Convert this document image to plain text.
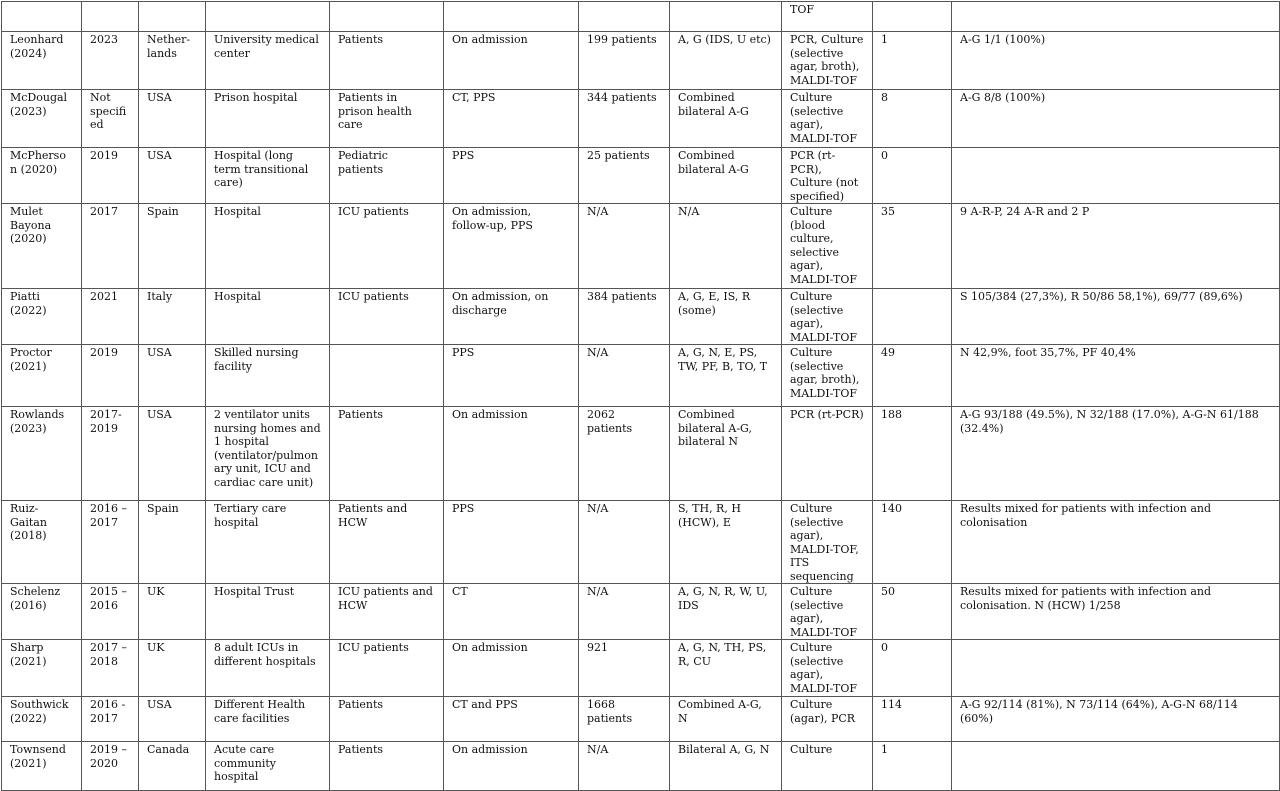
								TOF		
Leonhard (2024)	2023	Nether-lands	University medical center	Patients	On admission	199 patients	A, G (IDS, U etc)	PCR, Culture (selective agar, broth), MALDI-TOF	1	A-G 1/1 (100%)
McDougal (2023)	Not specified	USA	Prison hospital	Patients in prison health care	CT, PPS	344 patients	Combined bilateral A-G	Culture (selective agar), MALDI-TOF	8	A-G 8/8 (100%)
McPherson (2020)	2019	USA	Hospital (long term transitional care)	Pediatric patients	PPS	25 patients	Combined bilateral A-G	PCR (rt-PCR), Culture (not specified)	0	
Mulet Bayona (2020)	2017	Spain	Hospital	ICU patients	On admission, follow-up, PPS	N/A	N/A	Culture (blood culture, selective agar), MALDI-TOF	35	9 A-R-P, 24 A-R and 2 P
Piatti (2022)	2021	Italy	Hospital	ICU patients	On admission, on discharge	384 patients	A, G, E, IS, R (some)	Culture (selective agar), MALDI-TOF		S 105/384 (27,3%), R 50/86 58,1%), 69/77 (89,6%)
Proctor (2021)	2019	USA	Skilled nursing facility		PPS	N/A	A, G, N, E, PS, TW, PF, B, TO, T	Culture (selective agar, broth), MALDI-TOF	49	N 42,9%, foot 35,7%, PF 40,4%
Rowlands (2023)	2017-2019	USA	2 ventilator units nursing homes and 1 hospital (ventilator/pulmonary unit, ICU and cardiac care unit)	Patients	On admission	2062 patients	Combined bilateral A-G, bilateral N	PCR (rt-PCR)	188	A-G 93/188 (49.5%), N 32/188 (17.0%), A-G-N 61/188 (32.4%)
Ruiz-Gaitan (2018)	2016 – 2017	Spain	Tertiary care hospital	Patients and HCW	PPS	N/A	S, TH, R, H (HCW), E	Culture (selective agar), MALDI-TOF, ITS sequencing	140	Results mixed for patients with infection and colonisation
Schelenz (2016)	2015 – 2016	UK	Hospital Trust	ICU patients and HCW	CT	N/A	A, G, N, R, W, U, IDS	Culture (selective agar), MALDI-TOF	50	Results mixed for patients with infection and colonisation. N (HCW) 1/258
Sharp (2021)	2017 – 2018	UK	8 adult ICUs in different hospitals	ICU patients	On admission	921	A, G, N, TH, PS, R, CU	Culture (selective agar), MALDI-TOF	0	
Southwick (2022)	2016 - 2017	USA	Different Health care facilities	Patients	CT and PPS	1668 patients	Combined A-G, N	Culture (agar), PCR	114	A-G 92/114 (81%), N 73/114 (64%), A-G-N 68/114 (60%)
Townsend (2021)	2019 – 2020	Canada	Acute care community hospital	Patients	On admission	N/A	Bilateral A, G, N	Culture	1	
